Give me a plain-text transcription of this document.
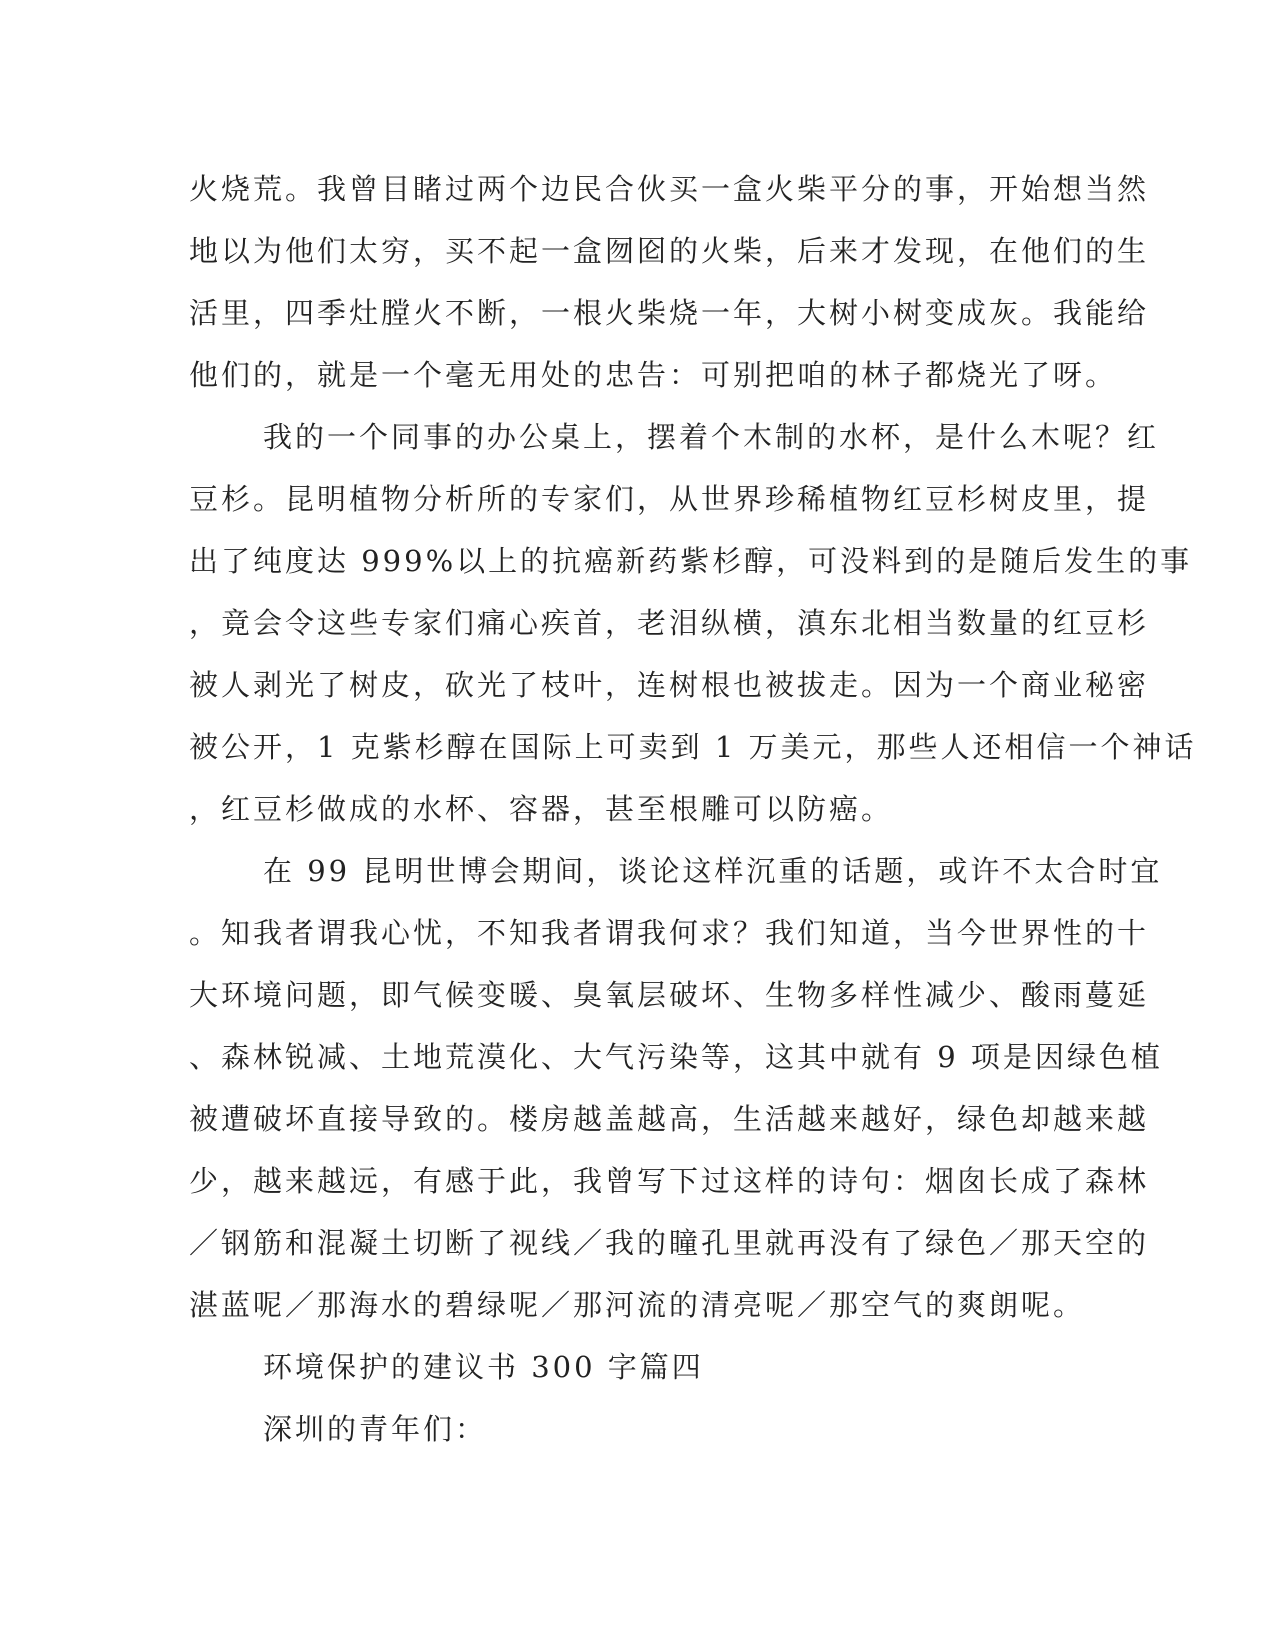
火烧荒。我曾目睹过两个边民合伙买一盒火柴平分的事，开始想当然
地以为他们太穷，买不起一盒囫囵的火柴，后来才发现，在他们的生
活里，四季灶膛火不断，一根火柴烧一年，大树小树变成灰。我能给
他们的，就是一个毫无用处的忠告：可别把咱的林子都烧光了呀。
我的一个同事的办公桌上，摆着个木制的水杯，是什么木呢？红
豆杉。昆明植物分析所的专家们，从世界珍稀植物红豆杉树皮里，提
出了纯度达 999%以上的抗癌新药紫杉醇，可没料到的是随后发生的事
，竟会令这些专家们痛心疾首，老泪纵横，滇东北相当数量的红豆杉
被人剥光了树皮，砍光了枝叶，连树根也被拔走。因为一个商业秘密
被公开，1 克紫杉醇在国际上可卖到 1 万美元，那些人还相信一个神话
，红豆杉做成的水杯、容器，甚至根雕可以防癌。
在 99 昆明世博会期间，谈论这样沉重的话题，或许不太合时宜
。知我者谓我心忧，不知我者谓我何求？我们知道，当今世界性的十
大环境问题，即气候变暖、臭氧层破坏、生物多样性减少、酸雨蔓延
、森林锐减、土地荒漠化、大气污染等，这其中就有 9 项是因绿色植
被遭破坏直接导致的。楼房越盖越高，生活越来越好，绿色却越来越
少，越来越远，有感于此，我曾写下过这样的诗句：烟囱长成了森林
／钢筋和混凝土切断了视线／我的瞳孔里就再没有了绿色／那天空的
湛蓝呢／那海水的碧绿呢／那河流的清亮呢／那空气的爽朗呢。
环境保护的建议书 300 字篇四
深圳的青年们：
